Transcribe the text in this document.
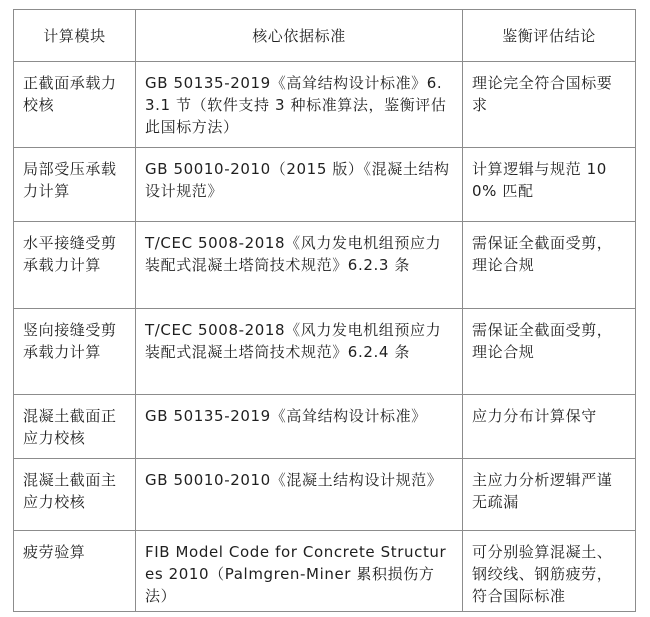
计算模块	核心依据标准	鉴衡评估结论
正截面承载力校核	GB 50135-2019《高耸结构设计标准》6.3.1 节（软件支持 3 种标准算法，鉴衡评估此国标方法）	理论完全符合国标要求
局部受压承载力计算	GB 50010-2010（2015 版）《混凝土结构设计规范》	计算逻辑与规范 100% 匹配
水平接缝受剪承载力计算	T/CEC 5008-2018《风力发电机组预应力装配式混凝土塔筒技术规范》6.2.3 条	需保证全截面受剪，理论合规
竖向接缝受剪承载力计算	T/CEC 5008-2018《风力发电机组预应力装配式混凝土塔筒技术规范》6.2.4 条	需保证全截面受剪，理论合规
混凝土截面正应力校核	GB 50135-2019《高耸结构设计标准》	应力分布计算保守
混凝土截面主应力校核	GB 50010-2010《混凝土结构设计规范》	主应力分析逻辑严谨无疏漏
疲劳验算	FIB Model Code for Concrete Structures 2010（Palmgren-Miner 累积损伤方法）	可分别验算混凝土、钢绞线、钢筋疲劳，符合国际标准
